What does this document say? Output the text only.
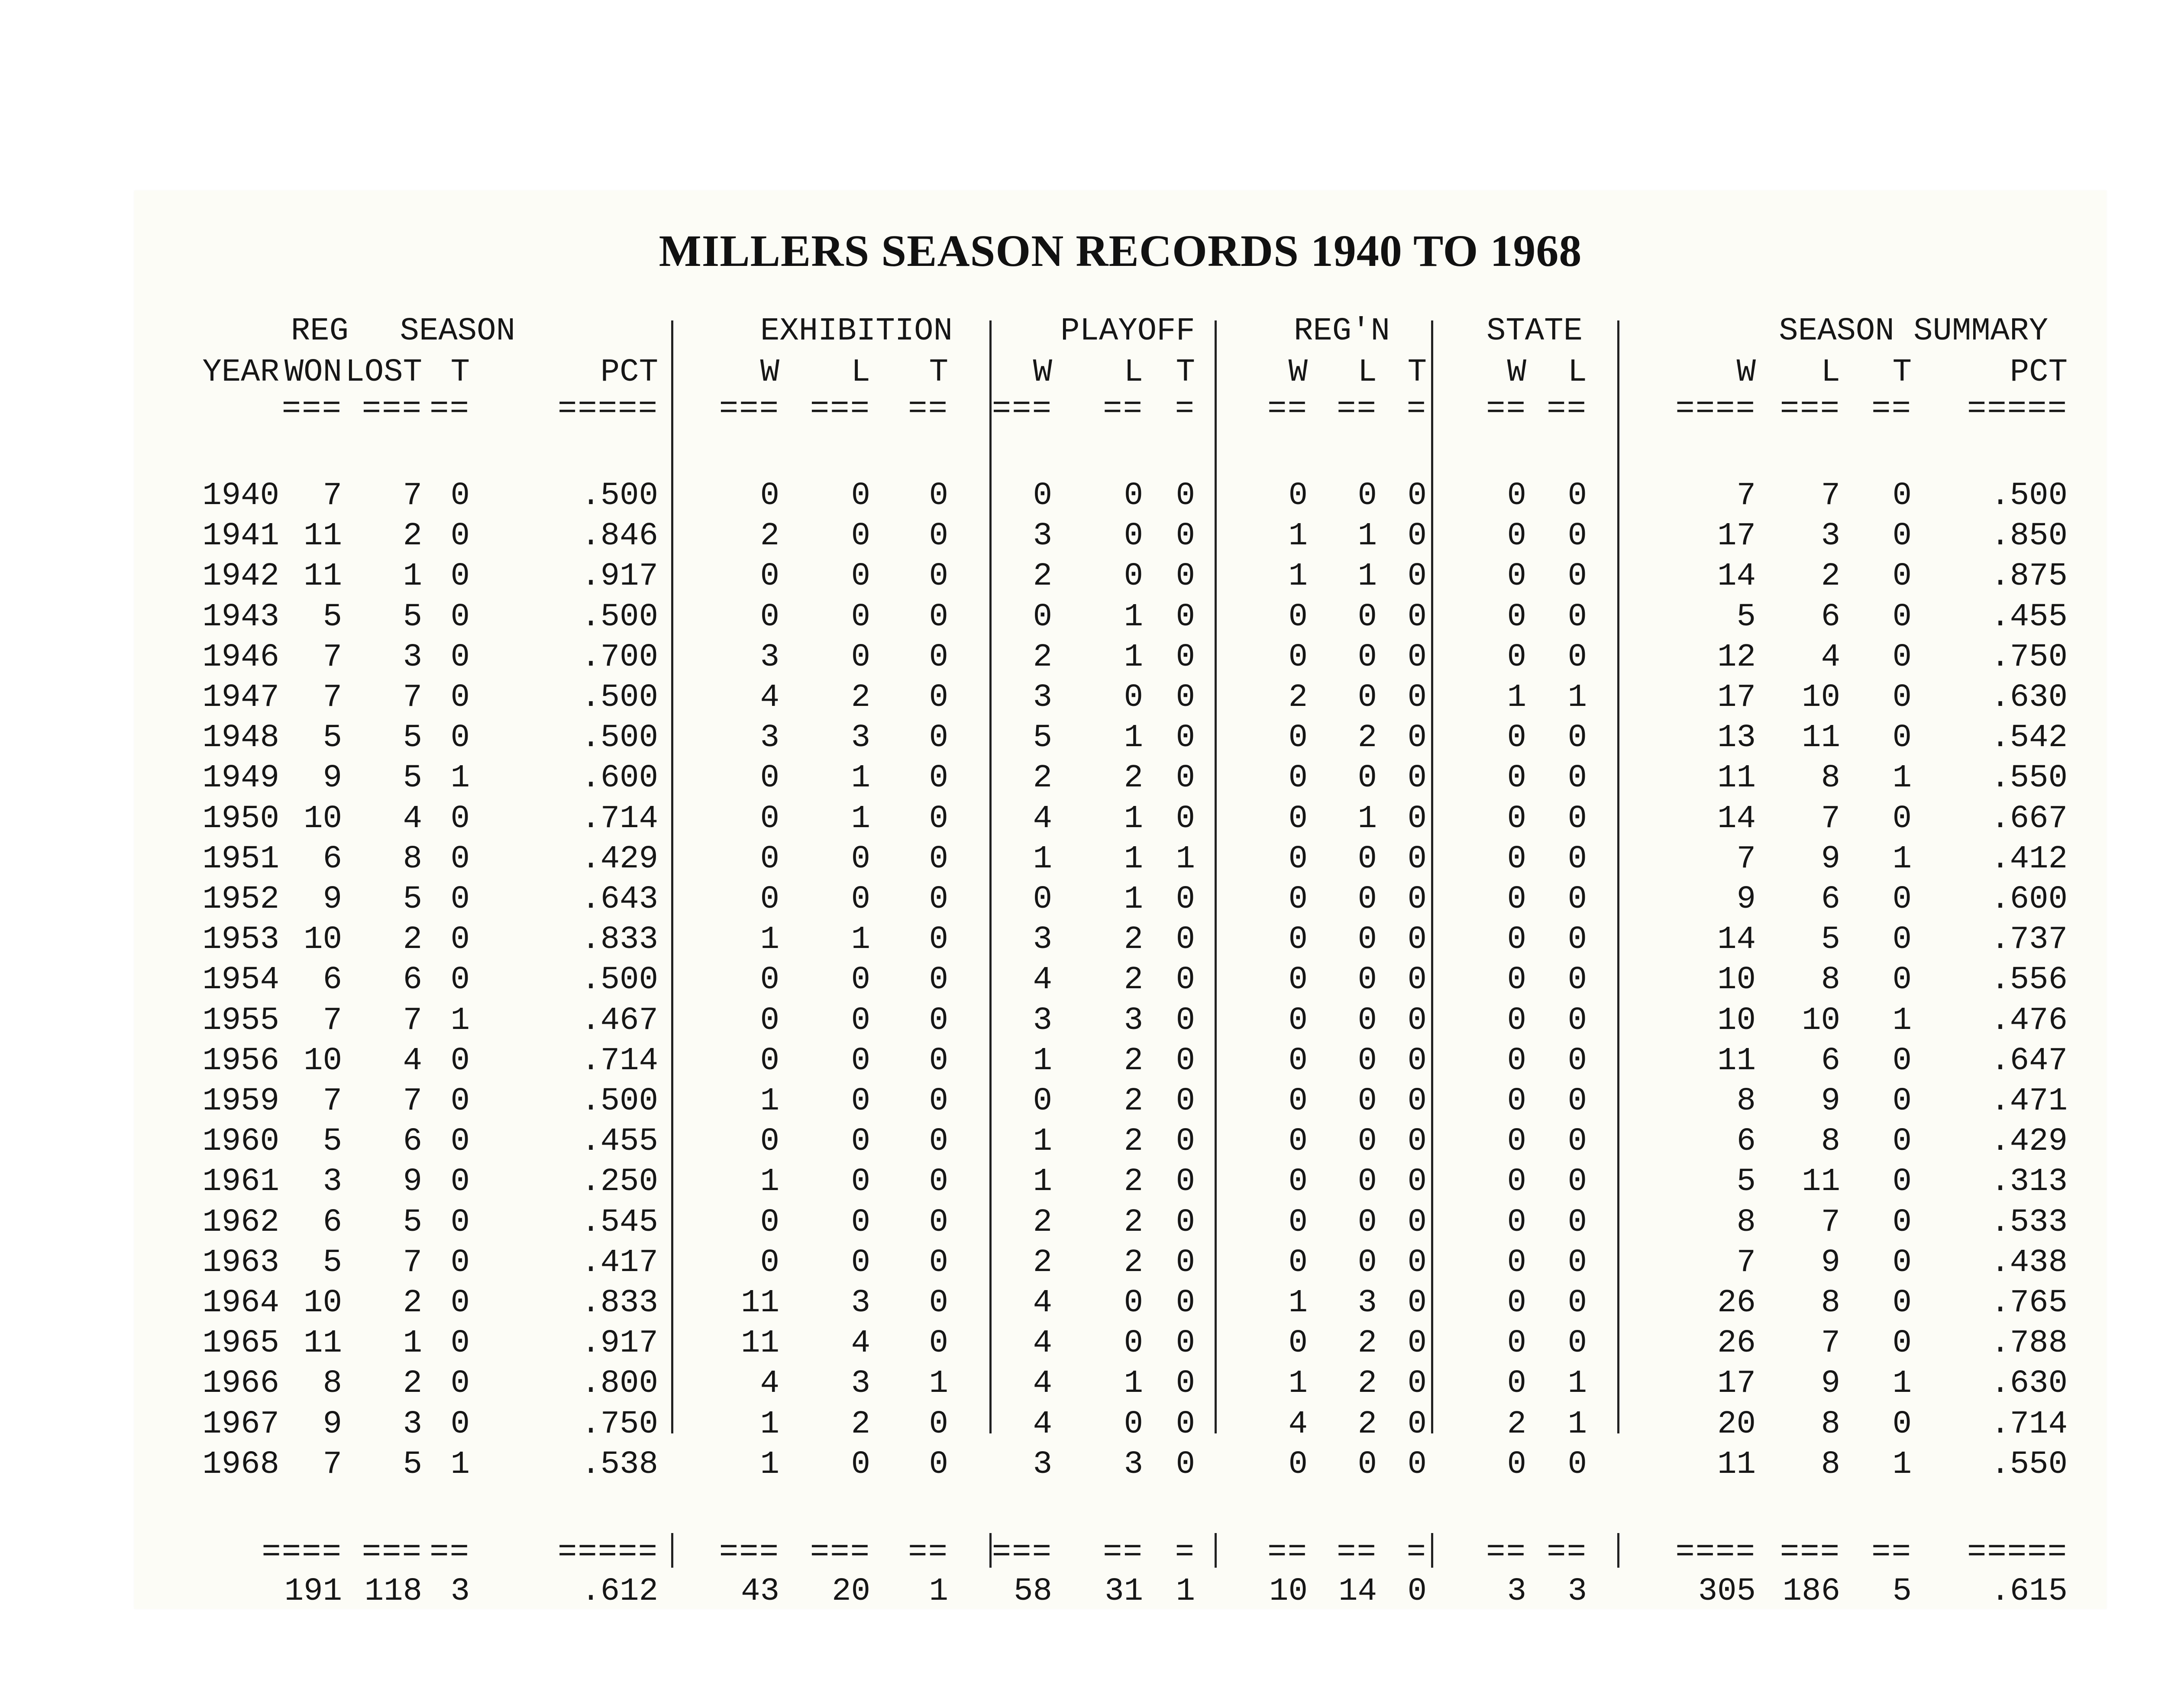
MILLERS SEASON RECORDS 1940 TO 1968
REG SEASON	EXHIBITION	PLAYOFF	REG'N	STATE	SEASON SUMMARY
YEAR WON LOST T	PCT	W L T	W L T	W L T	W L	W L T	PCT
=== === ==	===== === === == === == = == == = == ==	==== === == =====
1940 7 7 0	.500	0 0 0	0 0 0	0 0 0	0 0	7 7 0 .500
1941 11 2 0	.846	2 0 0	3 0 0	1 1 0	0 0	17 3 0 .850
1942 11 1 0	.917	0 0 0	2 0 0	1 1 0	0 0	14 2 0 .875
1943 5 5 0	.500	0 0 0	0 1 0	0 0 0	0 0	5 6 0 .455
1946 7 3 0	.700	3 0 0	2 1 0	0 0 0	0 0	12 4 0 .750
1947 7 7 0	.500	4 2 0	3 0 0	2 0 0	1 1	17 10 0 .630
1948 5 5 0	.500	3 3 0	5 1 0	0 2 0	0 0	13 11 0 .542
1949 9 5 1	.600	0 1 0	2 2 0	0 0 0	0 0	11 8 1 .550
1950 10 4 0	.714	0 1 0	4 1 0	0 1 0	0 0	14 7 0 .667
1951 6 8 0	.429	0 0 0	1 1 1	0 0 0	0 0	7 9 1 .412
1952 9 5 0	.643	0 0 0	0 1 0	0 0 0	0 0	9 6 0 .600
1953 10 2 0	.833	1 1 0	3 2 0	0 0 0	0 0	14 5 0 .737
1954 6 6 0	.500	0 0 0	4 2 0	0 0 0	0 0	10 8 0 .556
1955 7 7 1	.467	0 0 0	3 3 0	0 0 0	0 0	10 10 1 .476
1956 10 4 0	.714	0 0 0	1 2 0	0 0 0	0 0	11 6 0 .647
1959 7 7 0	.500	1 0 0	0 2 0	0 0 0	0 0	8 9 0 .471
1960 5 6 0	.455	0 0 0	1 2 0	0 0 0	0 0	6 8 0 .429
1961 3 9 0	.250	1 0 0	1 2 0	0 0 0	0 0	5 11 0 .313
1962 6 5 0	.545	0 0 0	2 2 0	0 0 0	0 0	8 7 0 .533
1963 5 7 0	.417	0 0 0	2 2 0	0 0 0	0 0	7 9 0 .438
1964 10 2 0	.833	11 3 0	4 0 0	1 3 0	0 0	26 8 0 .765
1965 11 1 0	.917	11 4 0	4 0 0	0 2 0	0 0	26 7 0 .788
1966 8 2 0	.800	4 3 1	4 1 0	1 2 0	0 1	17 9 1 .630
1967 9 3 0	.750	1 2 0	4 0 0	4 2 0	2 1	20 8 0 .714
1968 7 5 1	.538	1 0 0	3 3 0	0 0 0	0 0	11 8 1 .550
==== === ==	===== === === == === == = == == = == ==	==== === == =====
191 118 3	.612	43 20 1 58 31 1 10 14 0	3 3	305 186 5 .615
